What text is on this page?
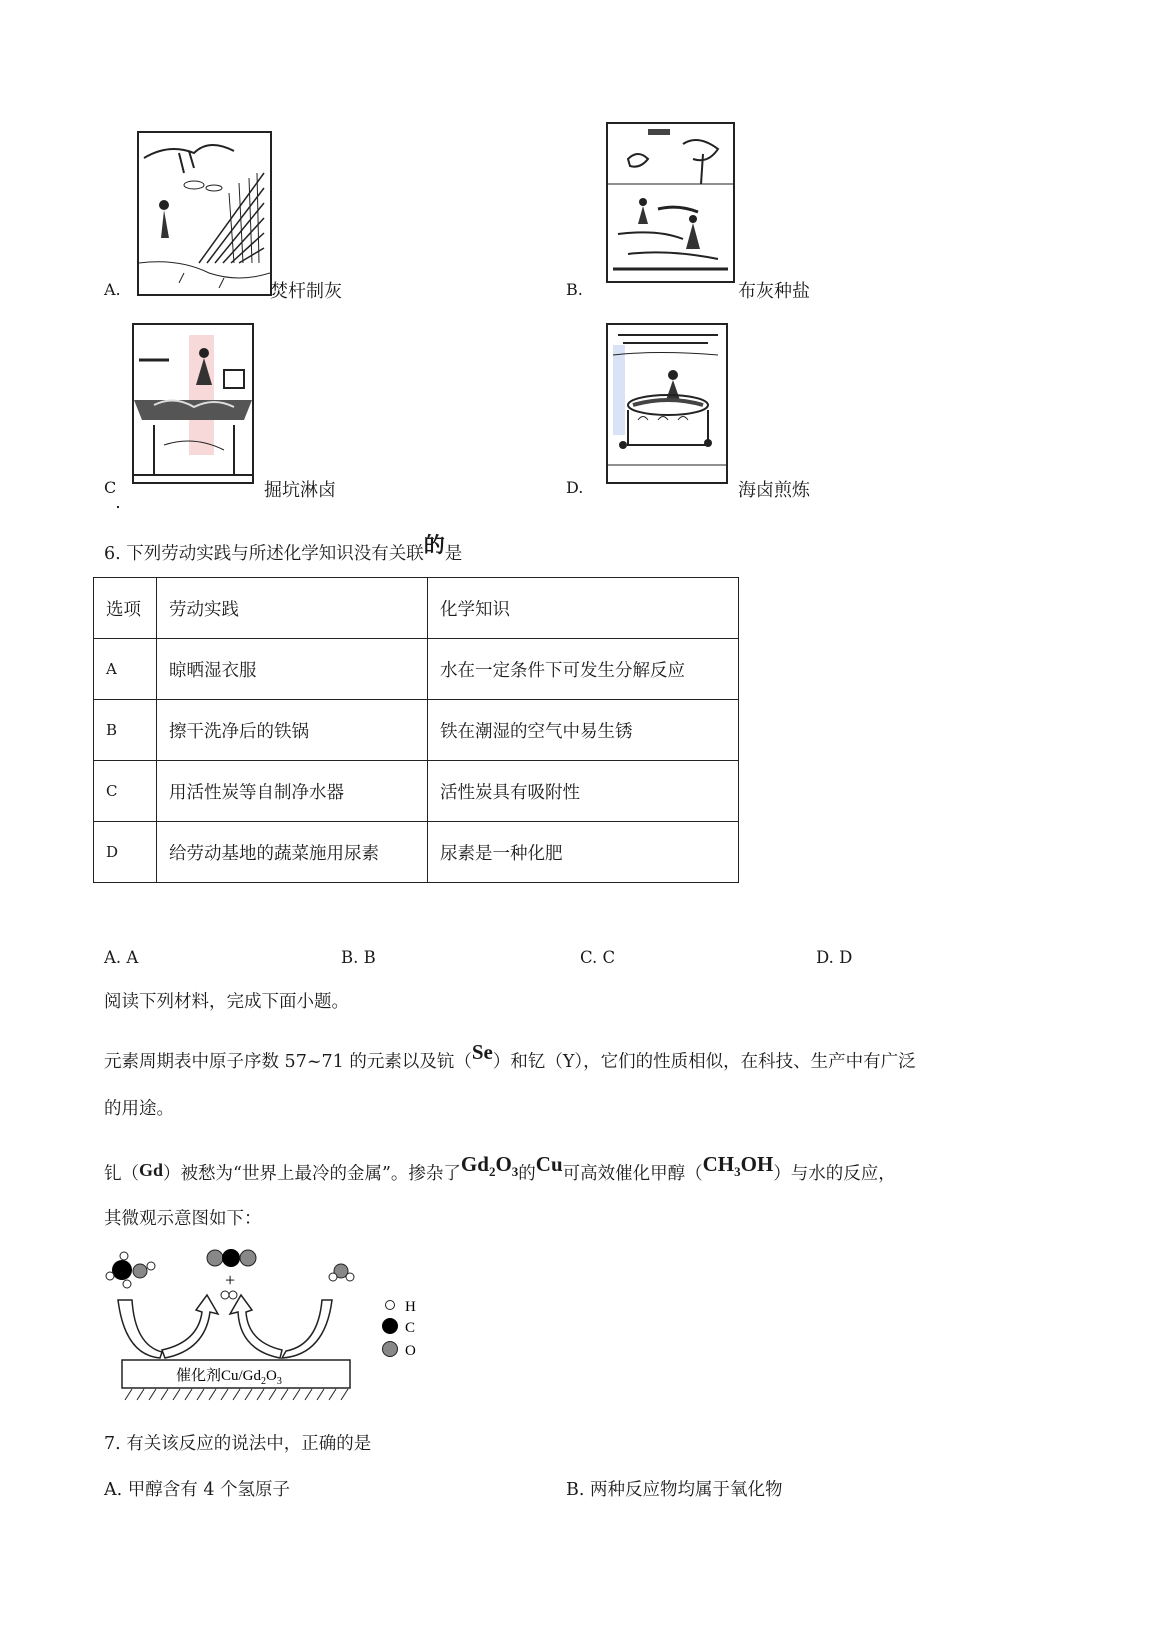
A.	焚杆制灰	B.	布灰种盐
C	掘坑淋卤	D.	海卤煎炼
6. 下列劳动实践与所述化学知识没有关联的是
选项	劳动实践	化学知识
A	晾晒湿衣服	水在一定条件下可发生分解反应
B	擦干洗净后的铁锅	铁在潮湿的空气中易生锈
C	用活性炭等自制净水器	活性炭具有吸附性
D	给劳动基地的蔬菜施用尿素	尿素是一种化肥
A. A	B. B	C. C	D. D
阅读下列材料，完成下面小题。
元素周期表中原子序数 57~71 的元素以及钪（Se）和钇（Y），它们的性质相似，在科技、生产中有广泛
的用途。
钆（Gd）被愁为“世界上最冷的金属”。掺杂了$Gd_2O_3$的Cu可高效催化甲醇$(CH_3OH)$与水的反应，
其微观示意图如下：
+
催化剂$Cu/Gd_2O_3$
H
C
O
7. 有关该反应的说法中，正确的是
A. 甲醇含有 4 个氢原子	B. 两种反应物均属于氧化物
